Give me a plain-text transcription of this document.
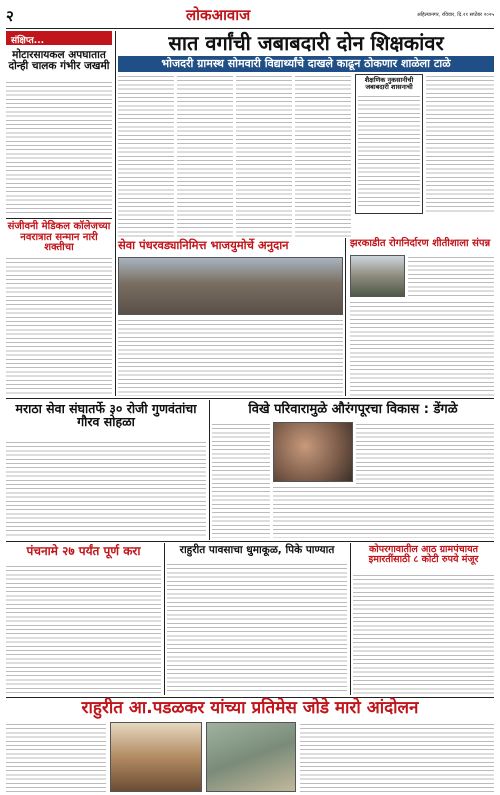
२	लोकआवाज	अहिल्यानगर, रविवार, दि.२१ सप्टेंबर २०२५
संक्षिप्त...
मोटारसायकल अपघातात दोन्ही चालक गंभीर जखमी
संजीवनी मेडिकल कॉलेजच्या नवरात्रात सन्मान नारी शक्तीचा
सात वर्गांची जबाबदारी दोन शिक्षकांवर
भोजदरी ग्रामस्थ सोमवारी विद्यार्थ्यांचे दाखले काढून ठोकणार शाळेला टाळे
शैक्षणिक नुकसानीची जबाबदारी शासनाची
सेवा पंधरवड्यानिमित्त भाजयुमोर्चे अनुदान	झरकाडीत रोगनिर्दारण शीतीशाला संपन्न
मराठा सेवा संघातर्फे ३० रोजी गुणवंतांचा गौरव सोहळा
विखे परिवारामुळे औरंगपूरचा विकास : डेंगळे
पंचनामे २७ पर्यंत पूर्ण करा	राहुरीत पावसाचा धुमाकूळ, पिके पाण्यात	कोपरगावातील आठ ग्रामपंचायत इमारतींसाठी ८ कोटी रुपये मंजूर
राहुरीत आ.पडळकर यांच्या प्रतिमेस जोडे मारो आंदोलन
